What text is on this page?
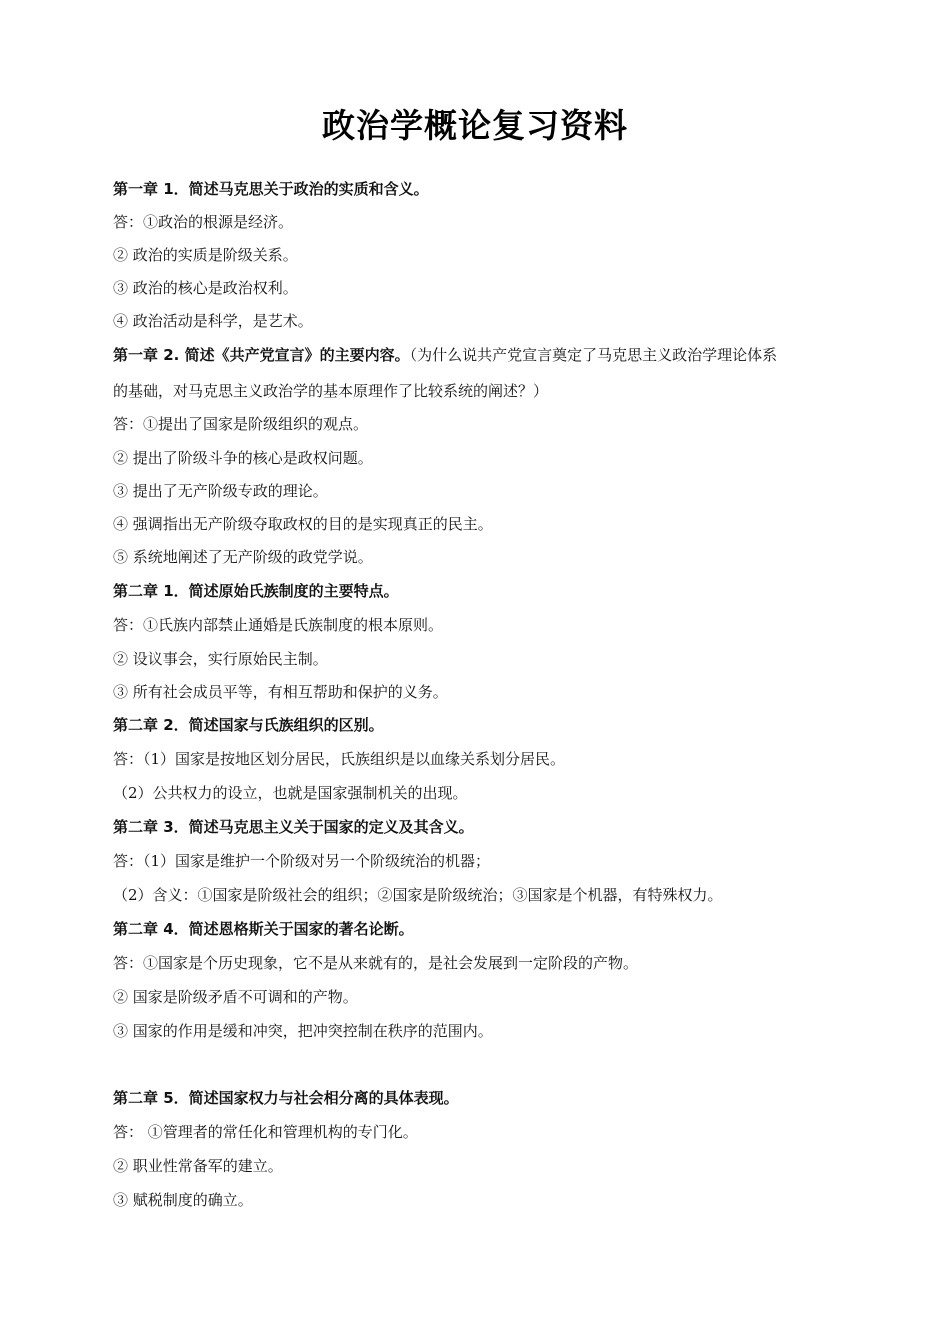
政治学概论复习资料
第一章 1．简述马克思关于政治的实质和含义。
答：①政治的根源是经济。
② 政治的实质是阶级关系。
③ 政治的核心是政治权利。
④ 政治活动是科学，是艺术。
第一章 2. 简述《共产党宣言》的主要内容。（为什么说共产党宣言奠定了马克思主义政治学理论体系
的基础，对马克思主义政治学的基本原理作了比较系统的阐述？）
答：①提出了国家是阶级组织的观点。
② 提出了阶级斗争的核心是政权问题。
③ 提出了无产阶级专政的理论。
④ 强调指出无产阶级夺取政权的目的是实现真正的民主。
⑤ 系统地阐述了无产阶级的政党学说。
第二章 1．简述原始氏族制度的主要特点。
答：①氏族内部禁止通婚是氏族制度的根本原则。
② 设议事会，实行原始民主制。
③ 所有社会成员平等，有相互帮助和保护的义务。
第二章 2．简述国家与氏族组织的区别。
答：（1）国家是按地区划分居民，氏族组织是以血缘关系划分居民。
（2）公共权力的设立，也就是国家强制机关的出现。
第二章 3．简述马克思主义关于国家的定义及其含义。
答：（1）国家是维护一个阶级对另一个阶级统治的机器；
（2）含义：①国家是阶级社会的组织；②国家是阶级统治；③国家是个机器，有特殊权力。
第二章 4．简述恩格斯关于国家的著名论断。
答：①国家是个历史现象，它不是从来就有的，是社会发展到一定阶段的产物。
② 国家是阶级矛盾不可调和的产物。
③ 国家的作用是缓和冲突，把冲突控制在秩序的范围内。
第二章 5．简述国家权力与社会相分离的具体表现。
答： ①管理者的常任化和管理机构的专门化。
② 职业性常备军的建立。
③ 赋税制度的确立。
